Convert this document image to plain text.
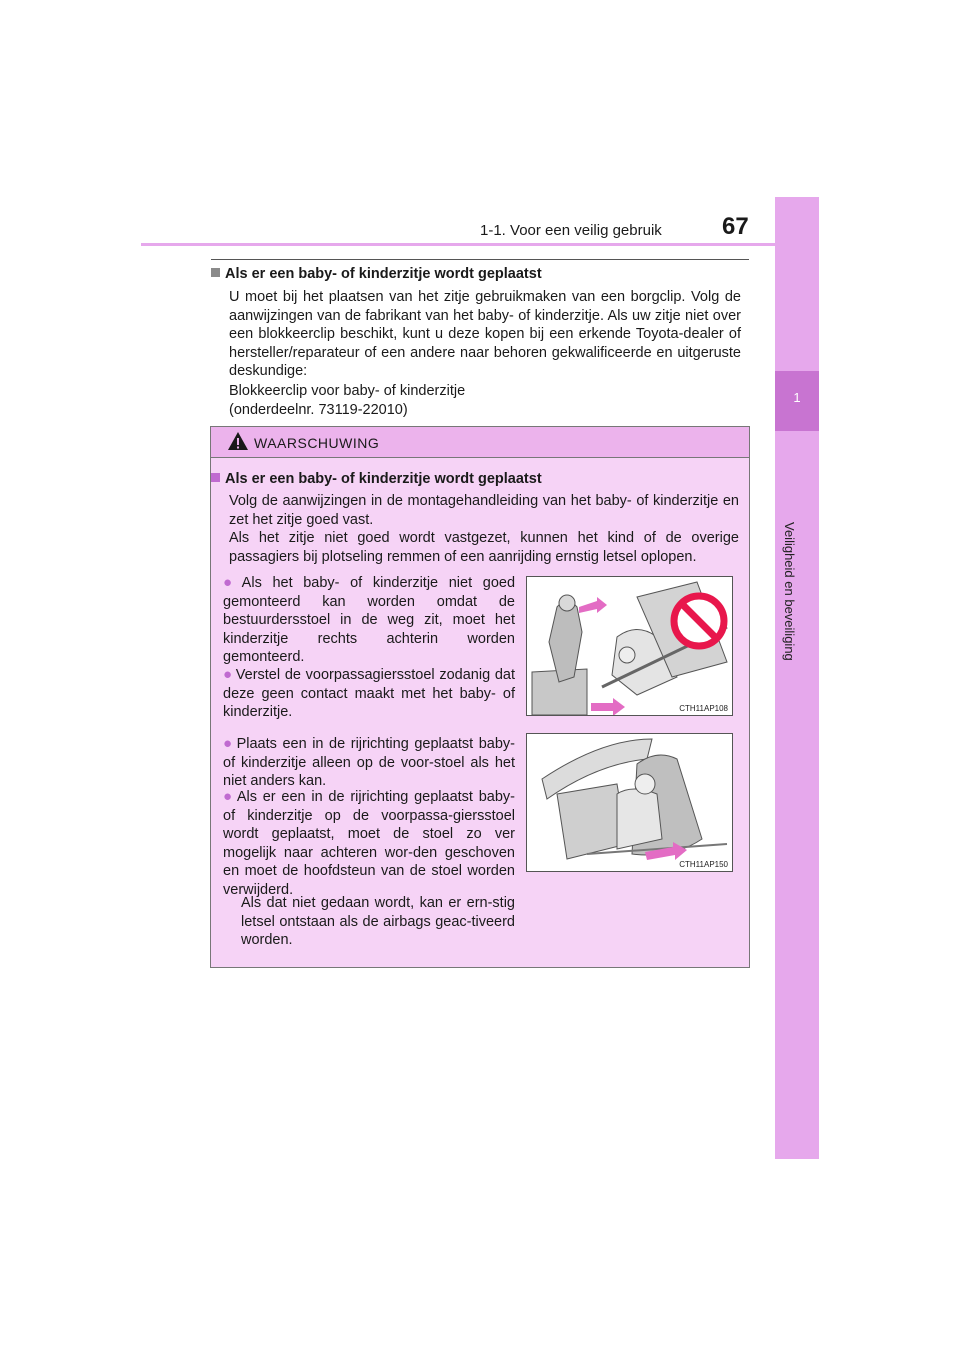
1-1. Voor een veilig gebruik	67
1
Veiligheid en beveiliging
Als er een baby- of kinderzitje wordt geplaatst
U moet bij het plaatsen van het zitje gebruikmaken van een borgclip. Volg de aanwijzingen van de fabrikant van het baby- of kinderzitje. Als uw zitje niet over een blokkeerclip beschikt, kunt u deze kopen bij een erkende Toyota-dealer of hersteller/reparateur of een andere naar behoren gekwalificeerde en uitgeruste deskundige:
Blokkeerclip voor baby- of kinderzitje
(onderdeelnr. 73119-22010)
WAARSCHUWING
Als er een baby- of kinderzitje wordt geplaatst
Volg de aanwijzingen in de montagehandleiding van het baby- of kinderzitje en zet het zitje goed vast.
Als het zitje niet goed wordt vastgezet, kunnen het kind of de overige passagiers bij plotseling remmen of een aanrijding ernstig letsel oplopen.
● Als het baby- of kinderzitje niet goed gemonteerd kan worden omdat de bestuurdersstoel in de weg zit, moet het kinderzitje rechts achterin worden gemonteerd.
● Verstel de voorpassagiersstoel zodanig dat deze geen contact maakt met het baby- of kinderzitje.
● Plaats een in de rijrichting geplaatst baby- of kinderzitje alleen op de voor-stoel als het niet anders kan.
● Als er een in de rijrichting geplaatst baby- of kinderzitje op de voorpassa-giersstoel wordt geplaatst, moet de stoel zo ver mogelijk naar achteren wor-den geschoven en moet de hoofdsteun van de stoel worden verwijderd.
Als dat niet gedaan wordt, kan er ern-stig letsel ontstaan als de airbags geac-tiveerd worden.
CTH11AP108
CTH11AP150
